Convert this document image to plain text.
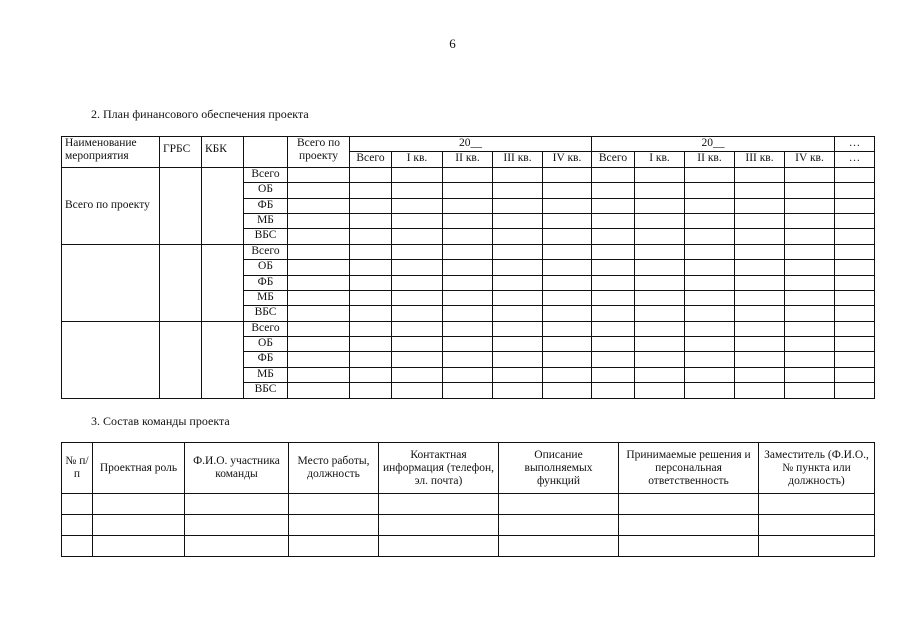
6
2. План финансового обеспечения проекта
Наименование мероприятия	ГРБС	КБК		Всего по проекту	20__					20__					…
					Всего	I кв.	II кв.	III кв.	IV кв.	Всего	I кв.	II кв.	III кв.	IV кв.	…
Всего по проекту			Всего												
			ОБ												
			ФБ												
			МБ												
			ВБС												
			Всего												
			ОБ												
			ФБ												
			МБ												
			ВБС												
			Всего												
			ОБ												
			ФБ												
			МБ												
			ВБС												
3. Состав команды проекта
№ п/п	Проектная роль	Ф.И.О. участника команды	Место работы, должность	Контактная информация (телефон, эл. почта)	Описание выполняемых функций	Принимаемые решения и персональная ответственность	Заместитель (Ф.И.О., № пункта или должность)
